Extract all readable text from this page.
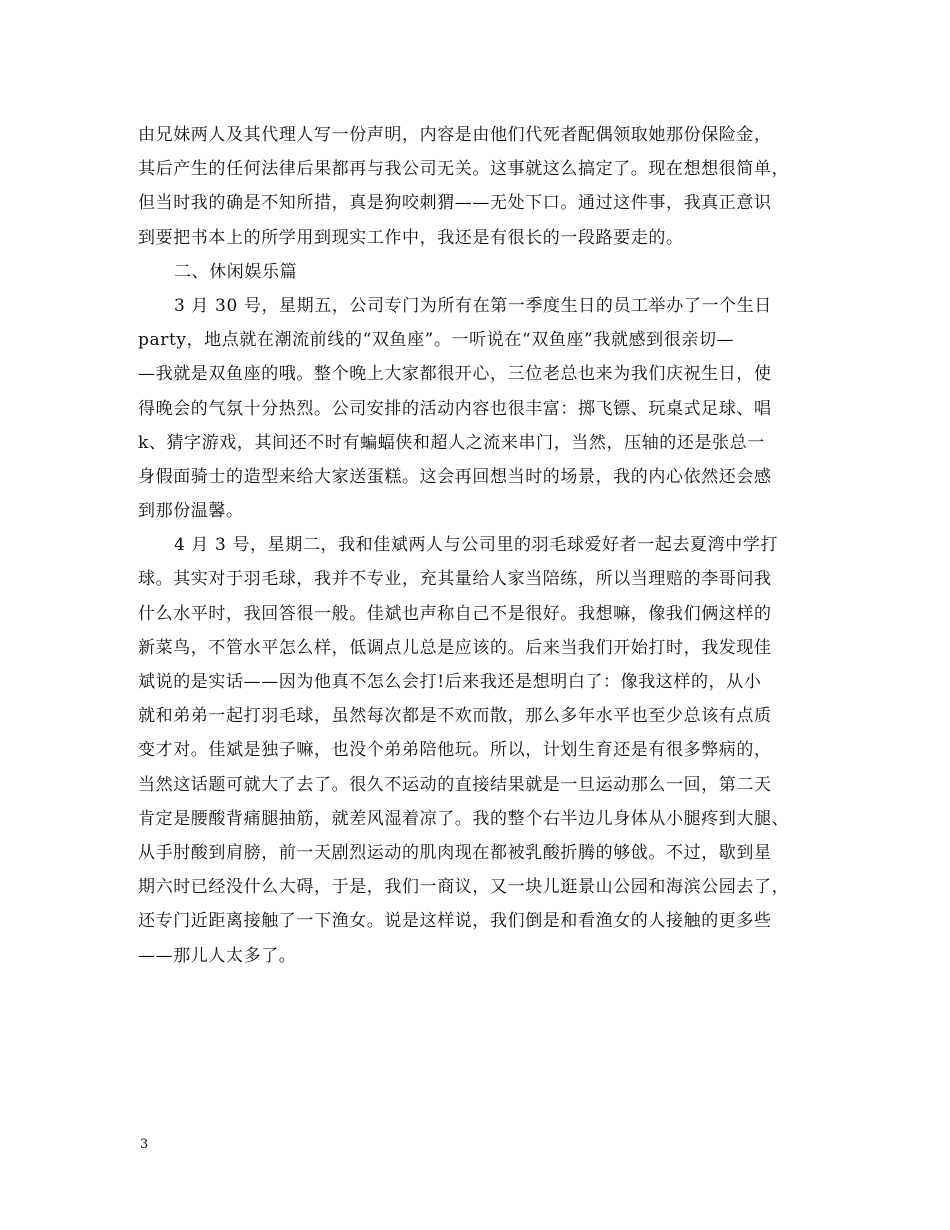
由兄妹两人及其代理人写一份声明，内容是由他们代死者配偶领取她那份保险金，
其后产生的任何法律后果都再与我公司无关。这事就这么搞定了。现在想想很简单，
但当时我的确是不知所措，真是狗咬刺猬——无处下口。通过这件事，我真正意识
到要把书本上的所学用到现实工作中，我还是有很长的一段路要走的。
二、休闲娱乐篇
3 月 30 号，星期五，公司专门为所有在第一季度生日的员工举办了一个生日
party，地点就在潮流前线的“双鱼座”。一听说在“双鱼座”我就感到很亲切—
—我就是双鱼座的哦。整个晚上大家都很开心，三位老总也来为我们庆祝生日，使
得晚会的气氛十分热烈。公司安排的活动内容也很丰富：掷飞镖、玩桌式足球、唱
k、猜字游戏，其间还不时有蝙蝠侠和超人之流来串门，当然，压轴的还是张总一
身假面骑士的造型来给大家送蛋糕。这会再回想当时的场景，我的内心依然还会感
到那份温馨。
4 月 3 号，星期二，我和佳斌两人与公司里的羽毛球爱好者一起去夏湾中学打
球。其实对于羽毛球，我并不专业，充其量给人家当陪练，所以当理赔的李哥问我
什么水平时，我回答很一般。佳斌也声称自己不是很好。我想嘛，像我们俩这样的
新菜鸟，不管水平怎么样，低调点儿总是应该的。后来当我们开始打时，我发现佳
斌说的是实话——因为他真不怎么会打!后来我还是想明白了：像我这样的，从小
就和弟弟一起打羽毛球，虽然每次都是不欢而散，那么多年水平也至少总该有点质
变才对。佳斌是独子嘛，也没个弟弟陪他玩。所以，计划生育还是有很多弊病的，
当然这话题可就大了去了。很久不运动的直接结果就是一旦运动那么一回，第二天
肯定是腰酸背痛腿抽筋，就差风湿着凉了。我的整个右半边儿身体从小腿疼到大腿、
从手肘酸到肩膀，前一天剧烈运动的肌肉现在都被乳酸折腾的够戗。不过，歇到星
期六时已经没什么大碍，于是，我们一商议，又一块儿逛景山公园和海滨公园去了，
还专门近距离接触了一下渔女。说是这样说，我们倒是和看渔女的人接触的更多些
——那儿人太多了。
3
